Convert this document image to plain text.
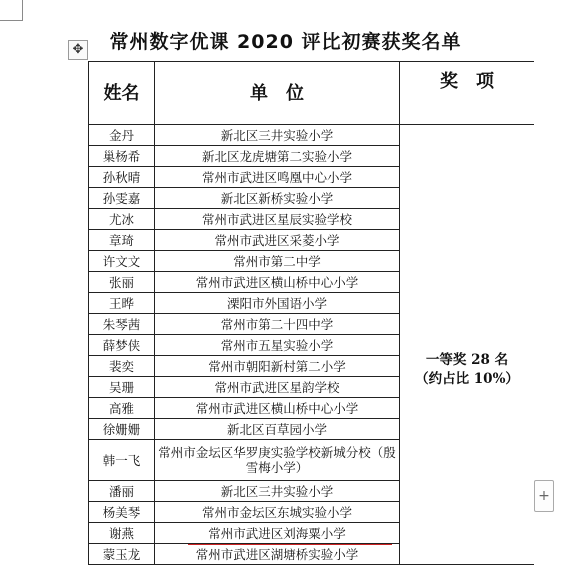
✥	常州数字优课 2020 评比初赛获奖名单
姓名	单　位	奖　项
金丹	新北区三井实验小学	一等奖 28 名
（约占比 10%）

巢杨希	新北区龙虎塘第二实验小学	
孙秋晴	常州市武进区鸣凰中心小学	
孙雯嘉	新北区新桥实验小学	
尤冰	常州市武进区星辰实验学校	
章琦	常州市武进区采菱小学	
许文文	常州市第二中学	
张丽	常州市武进区横山桥中心小学	
王晔	溧阳市外国语小学	
朱琴茜	常州市第二十四中学	
薛梦侠	常州市五星实验小学	
裴奕	常州市朝阳新村第二小学	
吴珊	常州市武进区星韵学校	
高雅	常州市武进区横山桥中心小学	
徐姗姗	新北区百草园小学	
韩一飞	常州市金坛区华罗庚实验学校新城分校（殷雪梅小学）	
潘丽	新北区三井实验小学	
杨美琴	常州市金坛区东城实验小学	
谢燕	常州市武进区刘海粟小学	
蒙玉龙	常州市武进区湖塘桥实验小学	
+
